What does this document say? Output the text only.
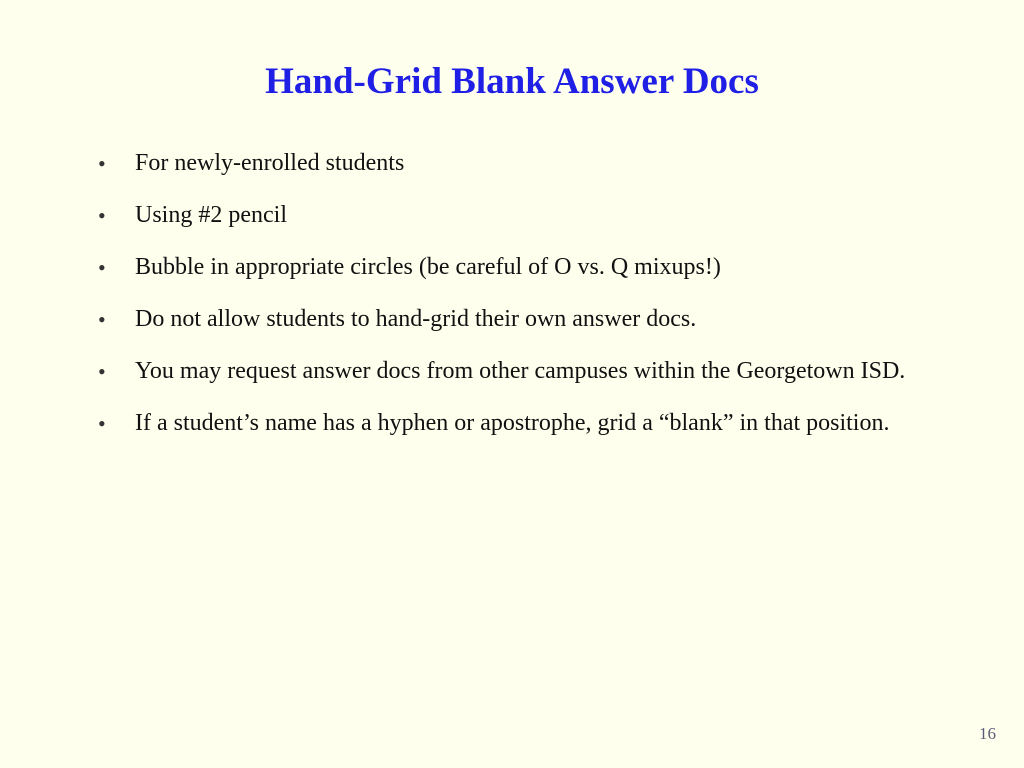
Hand-Grid Blank Answer Docs
•	For newly-enrolled students
•	Using #2 pencil
•	Bubble in appropriate circles (be careful of O vs. Q mixups!)
•	Do not allow students to hand-grid their own answer docs.
•	You may request answer docs from other campuses within the Georgetown ISD.
•	If a student’s name has a hyphen or apostrophe, grid a “blank” in that position.
16
